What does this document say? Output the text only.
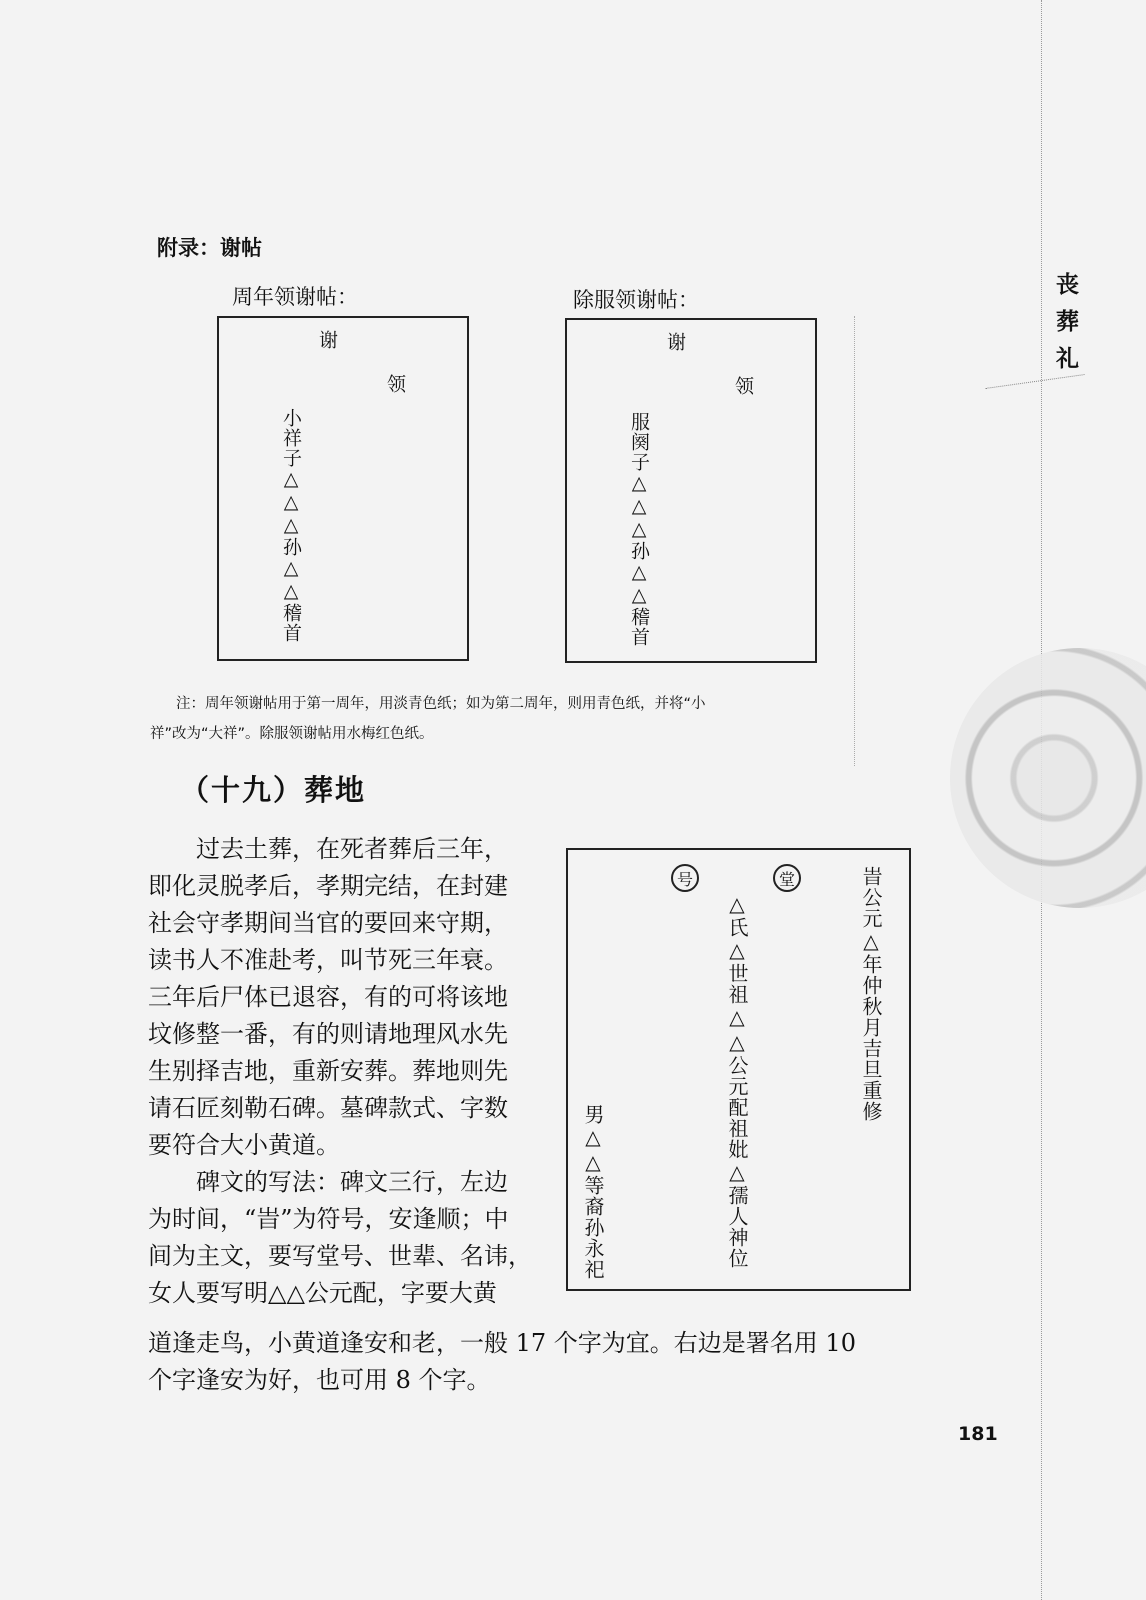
丧葬礼
附录：谢帖
周年领谢帖：	除服领谢帖：
谢
领
小祥子△△△孙△△稽首
谢
领
服阕子△△△孙△△稽首
注：周年领谢帖用于第一周年，用淡青色纸；如为第二周年，则用青色纸，并将“小
祥”改为“大祥”。除服领谢帖用水梅红色纸。
（十九）葬地
过去土葬，在死者葬后三年，
即化灵脱孝后，孝期完结，在封建
社会守孝期间当官的要回来守期，
读书人不准赴考，叫节死三年衰。
三年后尸体已退容，有的可将该地
坟修整一番，有的则请地理风水先
生别择吉地，重新安葬。葬地则先
请石匠刻勒石碑。墓碑款式、字数
要符合大小黄道。
碑文的写法：碑文三行，左边
为时间，“旹”为符号，安逢顺；中
间为主文，要写堂号、世辈、名讳，
女人要写明△△公元配，字要大黄
道逢走鸟，小黄道逢安和老，一般 17 个字为宜。右边是署名用 10
个字逢安为好，也可用 8 个字。
号	堂	旹公元△年仲秋月吉旦重修
△氏△世祖△△公元配祖妣△孺人神位
男△△等裔孙永祀
181
